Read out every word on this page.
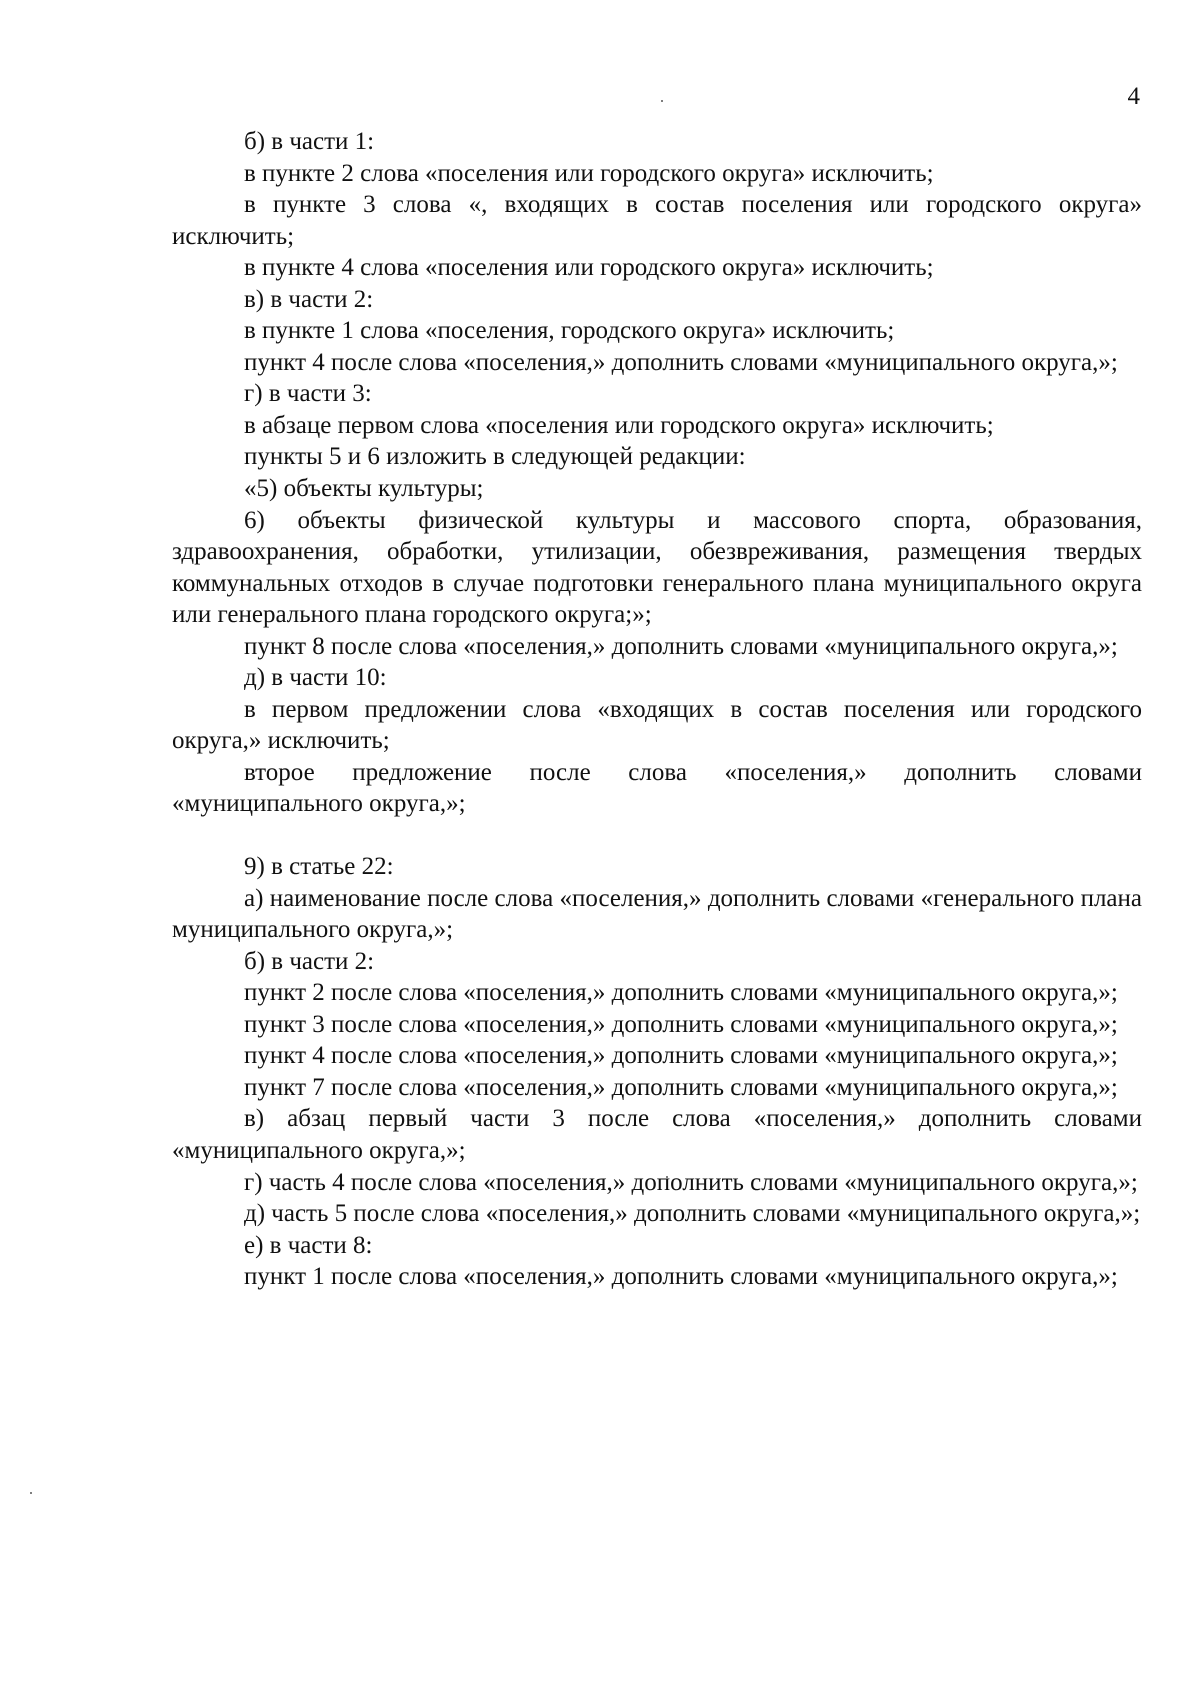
4

б) в части 1:

в пункте 2 слова «поселения или городского округа» исключить;

в пункте 3 слова «, входящих в состав поселения или городского округа» исключить;

в пункте 4 слова «поселения или городского округа» исключить;

в) в части 2:

в пункте 1 слова «поселения, городского округа» исключить;

пункт 4 после слова «поселения,» дополнить словами «муниципального округа,»;

г) в части 3:

в абзаце первом слова «поселения или городского округа» исключить;

пункты 5 и 6 изложить в следующей редакции:

«5) объекты культуры;

6) объекты физической культуры и массового спорта, образования, здравоохранения, обработки, утилизации, обезвреживания, размещения твердых коммунальных отходов в случае подготовки генерального плана муниципального округа или генерального плана городского округа;»;

пункт 8 после слова «поселения,» дополнить словами «муниципального округа,»;

д) в части 10:

в первом предложении слова «входящих в состав поселения или городского округа,» исключить;

второе предложение после слова «поселения,» дополнить словами «муниципального округа,»;

9) в статье 22:

а) наименование после слова «поселения,» дополнить словами «генерального плана муниципального округа,»;

б) в части 2:

пункт 2 после слова «поселения,» дополнить словами «муниципального округа,»;

пункт 3 после слова «поселения,» дополнить словами «муниципального округа,»;

пункт 4 после слова «поселения,» дополнить словами «муниципального округа,»;

пункт 7 после слова «поселения,» дополнить словами «муниципального округа,»;

в) абзац первый части 3 после слова «поселения,» дополнить словами «муниципального округа,»;

г) часть 4 после слова «поселения,» дополнить словами «муниципального округа,»;

д) часть 5 после слова «поселения,» дополнить словами «муниципального округа,»;

е) в части 8:

пункт 1 после слова «поселения,» дополнить словами «муниципального округа,»;
